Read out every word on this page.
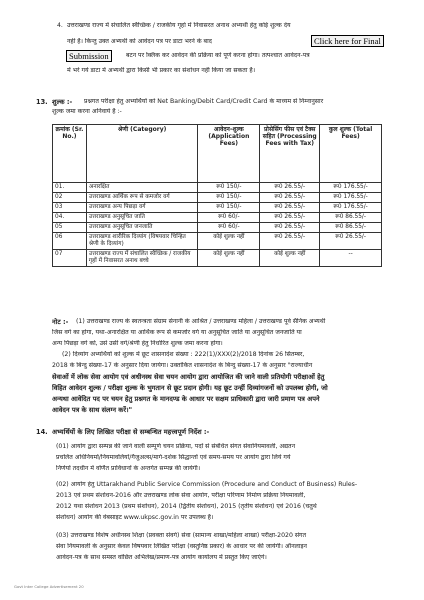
4. उत्तराखण्ड राज्य में संचालित स्वैच्छिक / राजकीय गृहो में निवासरत अनाथ अभ्यर्थी हेतु कोई शुल्क देय
नहीं है। किन्तु उक्त अभ्यर्थी को आवेदन पत्र पर डाटा भरने के बाद	Click here for Final
Submission	बटन पर क्लिक कर आवेदन की प्रक्रिया को पूर्ण करना होगा। तत्पश्चात आवेदन-पत्र
में भरे गये डाटा में अभ्यर्थी द्वारा किसी भी प्रकार का संशोधन नहीं किया जा सकता है।
13. शुल्क :- प्रश्नगत परीक्षा हेतु अभ्यर्थियों को Net Banking/Debit Card/Credit Card के माध्यम से निम्नानुसार
शुल्क जमा करना अनिवार्य है :-
क्रमांक (Sr. No.)	श्रेणी (Category)	आवेदन-शुल्क (Application Fees)	प्रोसेसिंग फीस एवं टैक्स सहित (Processing Fees with Tax)	कुल शुल्क (Total Fees)
01.	अनारक्षित	रू0 150/-	रू0 26.55/-	रू0 176.55/-
02	उत्तराखण्ड आर्थिक रूप से कमजोर वर्ग	रू0 150/-	रू0 26.55/-	रू0 176.55/-
03	उत्तराखण्ड अन्य पिछड़ा वर्ग	रू0 150/-	रू0 26.55/-	रू0 176.55/-
04.	उत्तराखण्ड अनुसूचित जाति	रू0 60/-	रू0 26.55/-	रू0 86.55/-
05	उत्तराखण्ड अनुसूचित जनजाति	रू0 60/-	रू0 26.55/-	रू0 86.55/-
06	उत्तराखण्ड शारीरिक दिव्यांग (विषयवार चिन्हित श्रेणी के दिव्यांग)	कोई शुल्क नहीं	रू0 26.55/-	रू0 26.55/-
07	उत्तराखण्ड राज्य में संचालित स्वैच्छिक / राजकीय गृहों में निवासरत अनाथ बच्चे	कोई शुल्क नहीं	कोई शुल्क नहीं	--
नोट :- (1) उत्तराखण्ड राज्य के स्वतन्त्रता संग्राम सेनानी के आश्रित / उत्तराखण्ड महिला / उत्तराखण्ड पूर्व सैनिक अभ्यर्थी
जिस वर्ग का होगा, यथा-अनारक्षित या आर्थिक रूप से कमजोर वर्ग या अनुसूचित जाति या अनुसूचित जनजाति या
अन्य पिछड़ा वर्ग को, उसे उसी वर्ग/श्रेणी हेतु निर्धारित शुल्क जमा करना होगा।
(2) दिव्यांग अभ्यर्थियों को शुल्क में छूट शासनादेश संख्या : 222(1)/XXX(2)/2018 दिनांक 26 सितम्बर,
2018 के बिन्दु संख्या-17 के अनुसार दिया जायेगा। उक्तांकित शासनादेश के बिन्दु संख्या-17 के अनुसार "राज्याधीन
सेवाओं में लोक सेवा आयोग एवं अधीनस्थ सेवा चयन आयोग द्वारा आयोजित की जाने वाली प्रतियोगी परीक्षाओं हेतु
विहित आवेदन शुल्क / परीक्षा शुल्क के भुगतान से छूट प्रदान होगी। यह छूट उन्हीं दिव्यांगजनों को उपलब्ध होगी, जो
अन्यथा आवेदित पद पर चयन हेतु प्रश्नगत के मानदण्ड के आधार पर सक्षम प्राधिकारी द्वारा जारी प्रमाण पत्र अपने
आवेदन पत्र के साथ संलग्न करें।"
14. अभ्यर्थियों के लिए लिखित परीक्षा से सम्बन्धित महत्त्वपूर्ण निर्देश :-
(01) आयोग द्वारा सम्पन्न की जाने वाली सम्पूर्ण चयन प्रक्रिया, पदों से संबंधित संगत सेवानियमावली, अद्यतन
प्रचलित अधिनियमों/नियमावलियों/गैजुअल्स/मार्ग-दर्शक सिद्धान्तों एवं समय-समय पर आयोग द्वारा लिये गये
निर्णयों तदधीन में वर्णित प्राविधानों के अन्तर्गत सम्पन्न की जायेगी।
(02) आयोग हेतु Uttarakhand Public Service Commission (Procedure and Conduct of Business) Rules-
2013 एवं प्रथम संशोधन-2016 और उत्तराखण्ड लोक सेवा आयोग, परीक्षा परिणाम निर्माण प्रक्रिया नियमावली,
2012 यथा संशोधन 2013 (प्रथम संशोधन), 2014 (द्वितीय संशोधन), 2015 (तृतीय संशोधन) एवं 2016 (चतुर्थ
संशोधन) आयोग की वेबसाइट www.ukpsc.gov.in पर उपलब्ध है।
(03) उत्तराखण्ड विशेष अधीनस्थ शिक्षा (प्रवक्ता संवर्ग) सेवा (सामान्य शाखा/महिला शाखा) परीक्षा-2020 संगत
सेवा नियमावली के अनुसार केवल विषयवार लिखित परीक्षा (वस्तुनिष्ठ प्रकार) के आधार पर की जायेगी। ऑनलाइन
आवेदन-पत्र के साथ समस्त वांछित अभिलेख/प्रमाण-पत्र आयोग कार्यालय में प्रस्तुत किए जाएंगे।
Govt Inter College Advertisement 20
